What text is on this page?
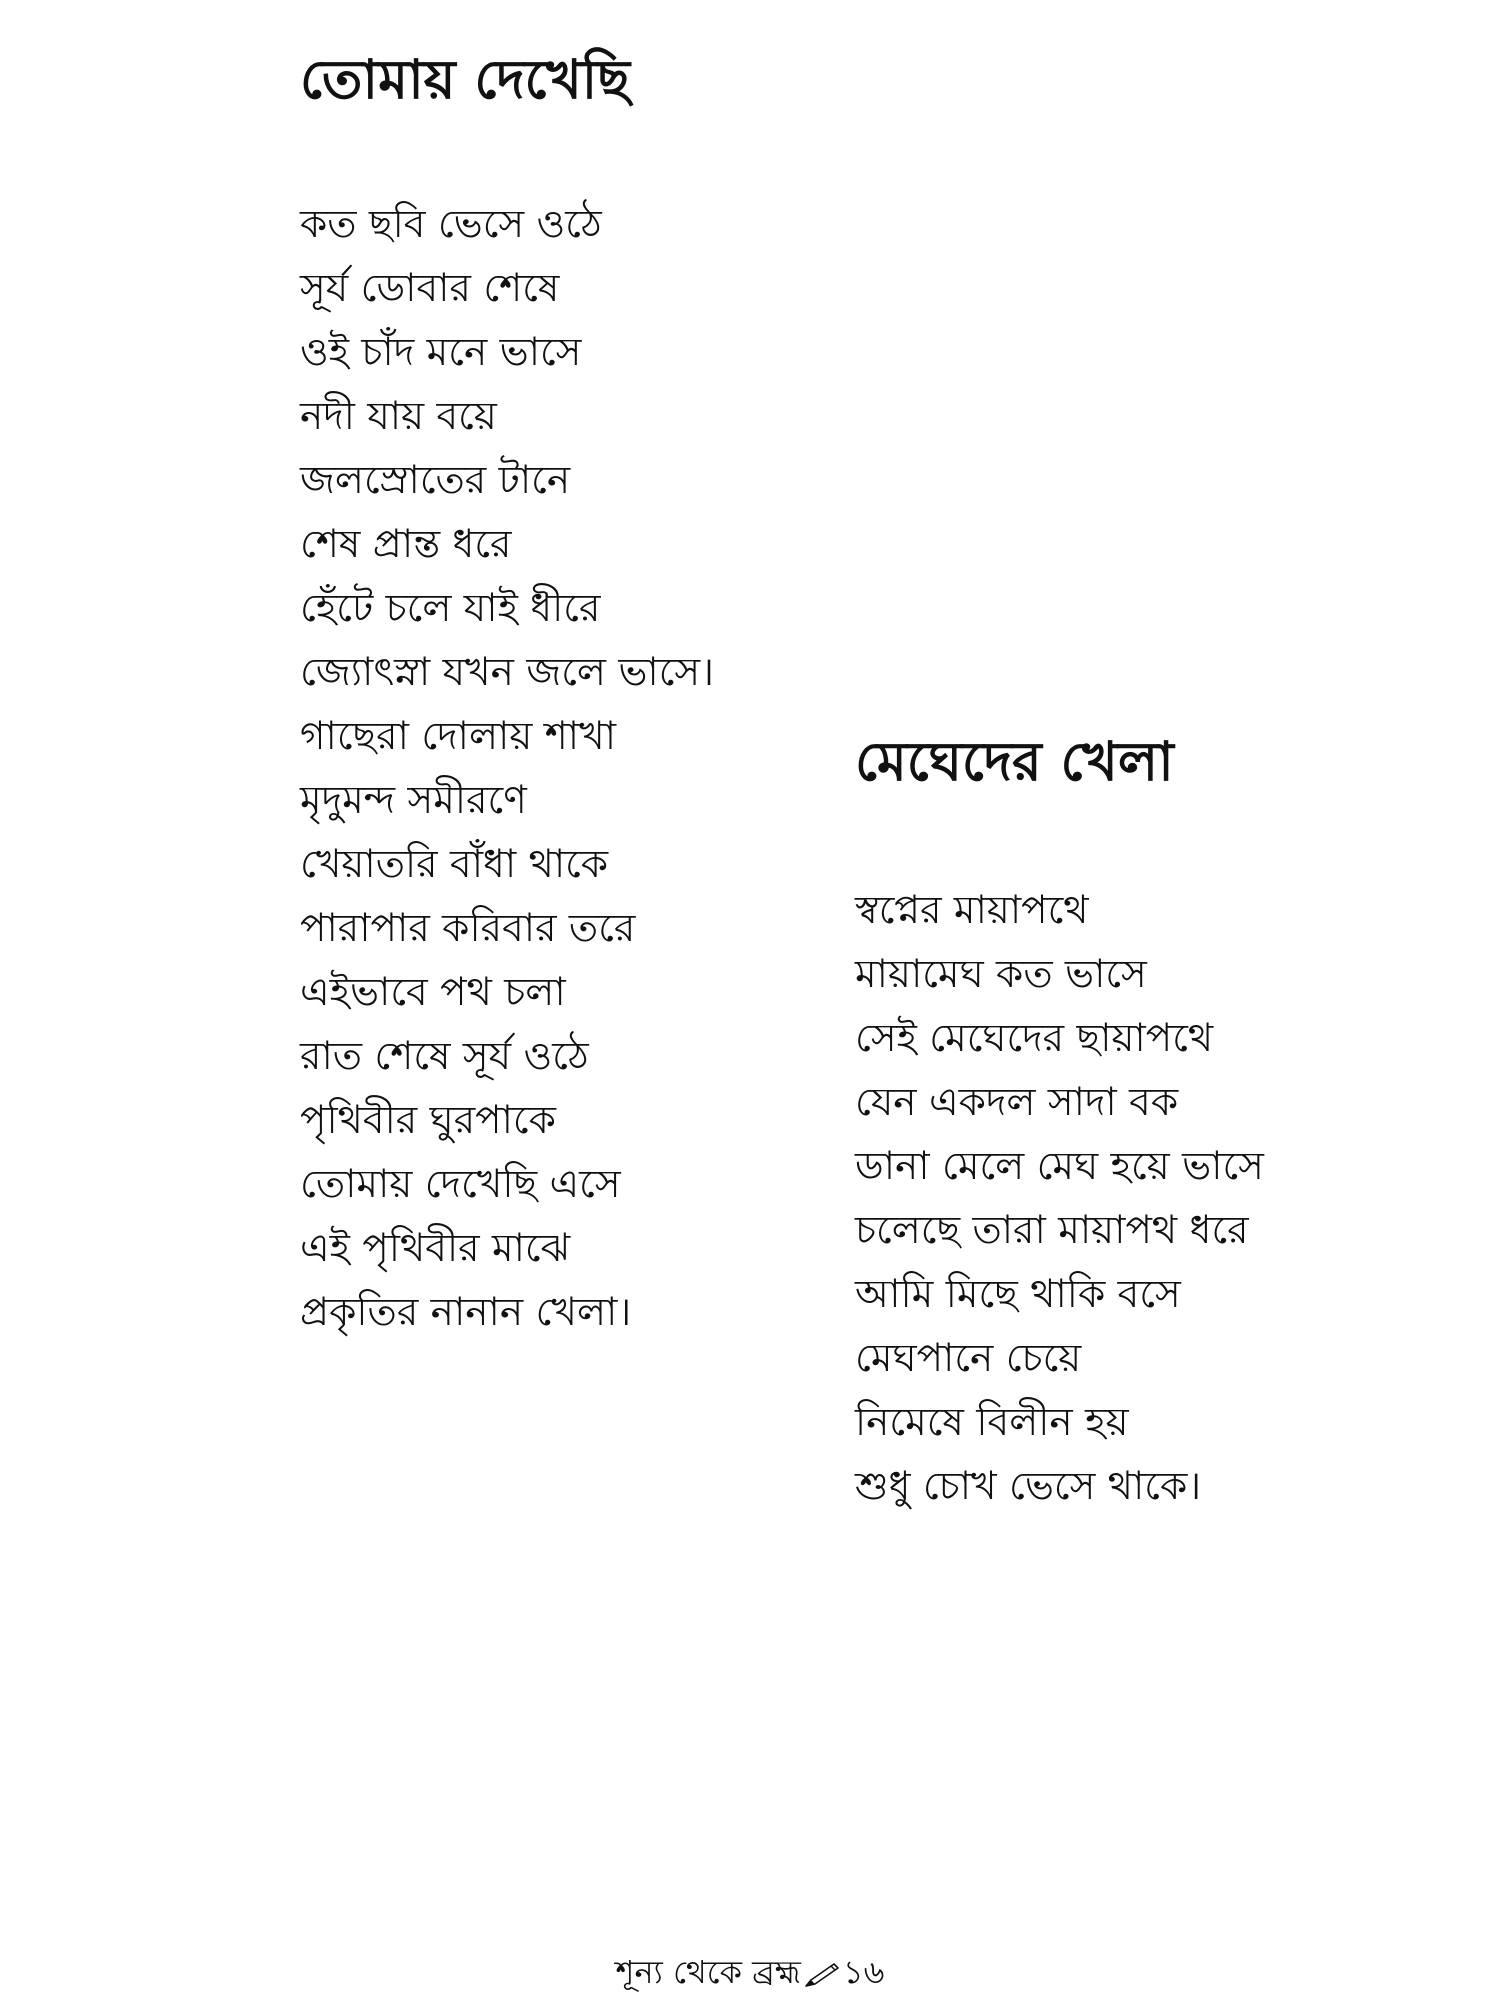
তোমায় দেখেছি
কত ছবি ভেসে ওঠে
সূর্য ডোবার শেষে
ওই চাঁদ মনে ভাসে
নদী যায় বয়ে
জলস্রোতের টানে
শেষ প্রান্ত ধরে
হেঁটে চলে যাই ধীরে
জ্যোৎস্না যখন জলে ভাসে।
গাছেরা দোলায় শাখা
মৃদুমন্দ সমীরণে
খেয়াতরি বাঁধা থাকে
পারাপার করিবার তরে
এইভাবে পথ চলা
রাত শেষে সূর্য ওঠে
পৃথিবীর ঘুরপাকে
তোমায় দেখেছি এসে
এই পৃথিবীর মাঝে
প্রকৃতির নানান খেলা।
মেঘেদের খেলা
স্বপ্নের মায়াপথে
মায়ামেঘ কত ভাসে
সেই মেঘেদের ছায়াপথে
যেন একদল সাদা বক
ডানা মেলে মেঘ হয়ে ভাসে
চলেছে তারা মায়াপথ ধরে
আমি মিছে থাকি বসে
মেঘপানে চেয়ে
নিমেষে বিলীন হয়
শুধু চোখ ভেসে থাকে।
শূন্য থেকে ব্রহ্ম ১৬
